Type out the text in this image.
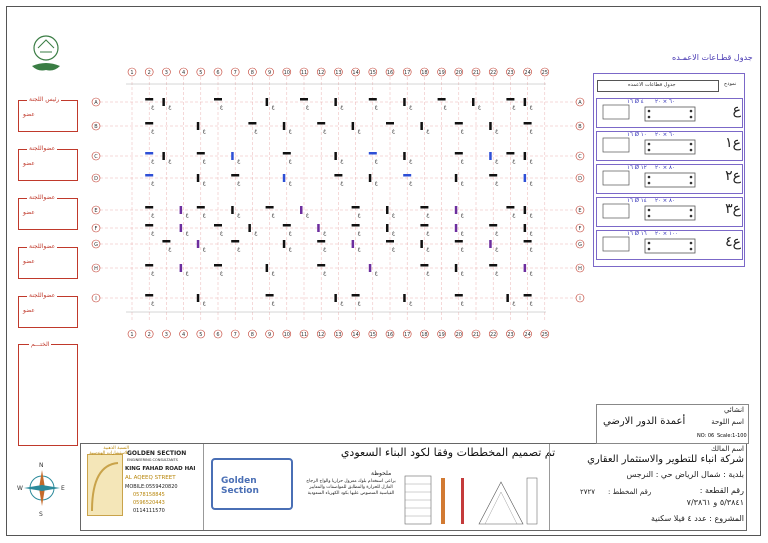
رئيس اللجنة
عضو
عضواللجنة
عضو
عضواللجنة
عضو
عضواللجنة
عضو
عضواللجنة
عضو
الختـــم
1
1
2
2
3
3
4
4
5
5
6
6
7
7
8
8
9
9
10
10
11
11
12
12
13
13
14
14
15
15
16
16
17
17
18
18
19
19
20
20
21
21
22
22
23
23
24
24
25
25
A	A
B	B
C	C
D	D
E	E
F	F
G	G
H	H
I	I
ع	ع	ع	ع	ع	ع	ع	ع	ع	ع	ع	ع
ع	ع	ع	ع	ع	ع	ع	ع	ع	ع	ع
ع	ع	ع	ع	ع	ع	ع	ع	ع	ع	ع	ع
ع	ع	ع	ع	ع	ع	ع	ع	ع	ع
ع	ع	ع	ع	ع	ع	ع	ع	ع	ع	ع	ع
ع	ع	ع	ع	ع	ع	ع	ع	ع	ع	ع	ع
ع	ع	ع	ع	ع	ع	ع	ع	ع	ع	ع
ع	ع	ع	ع	ع	ع	ع	ع	ع	ع
ع	ع	ع	ع	ع	ع	ع	ع	ع
جدول قطـاعات الاعمـده
جدول قطاعات الاعمده	نموذج
١٦ Ø ٤ ٦٠ × ٢٠	ع
١٦ Ø ١٠ ٦٠ × ٢٠	ع١
١٦ Ø ١٢ ٨٠ × ٢٠	ع٢
١٦ Ø ١٤ ٨٠ × ٢٠	ع٣
١٦ Ø ١٦ ١٠٠ × ٢٠	ع٤
N
S
W	E
النسبة الذهبية للاستشارات الهندسية
GOLDEN SECTION
ENGINEERING CONSULTANTS
KING FAHAD ROAD HAI
AL AQEEQ STREET
MOBILE:0559420820
0578158845
0596520443
0114111570
Golden Section
تم تصميم المخططات وفقا لكود البناء السعودي
ملحوظة
يراعى استخدام بلوك معزول حراريا والواح الزجاج العازل للحرارة والمطابق للمواصفات والمعايير القياسية المنصوص عليها بكود الكهرباء السعودية
اسم المالك
شركة انباء للتطوير والاستثمار العقاري
بلدية : شمال الرياض حي : النرجس
رقم القطعة :
٥/٣٨٤١ و ٧/٣٨٦١
رقم المخطط :
٢٧٢٧
المشروع : عدد ٤ فيلا سكنية
انشائي
اسم اللوحة
أعمدة الدور الارضي
NO: 06 Scale:1-100
